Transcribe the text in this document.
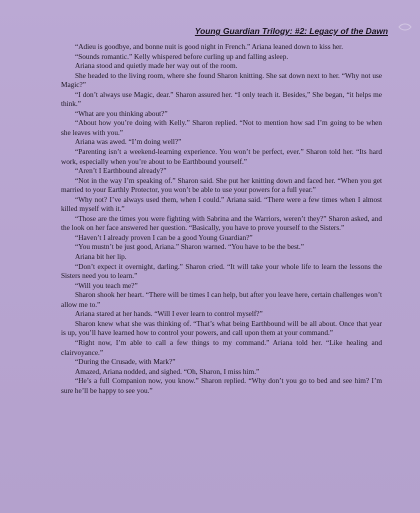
Young Guardian Trilogy: #2: Legacy of the Dawn

“Adieu is goodbye, and bonne nuit is good night in French.” Ariana leaned down to kiss her.

“Sounds romantic.” Kelly whispered before curling up and falling asleep.

Ariana stood and quietly made her way out of the room.

She headed to the living room, where she found Sharon knitting. She sat down next to her. “Why not use Magic?”

“I don’t always use Magic, dear.” Sharon assured her. “I only teach it. Besides,” She began, “it helps me think.”

“What are you thinking about?”

“About how you’re doing with Kelly.” Sharon replied. “Not to mention how sad I’m going to be when she leaves with you.”

Ariana was awed. “I’m doing well?”

“Parenting isn’t a weekend-learning experience. You won’t be perfect, ever.” Sharon told her. “Its hard work, especially when you’re about to be Earthbound yourself.”

“Aren’t I Earthbound already?”

“Not in the way I’m speaking of.” Sharon said. She put her knitting down and faced her. “When you get married to your Earthly Protector, you won’t be able to use your powers for a full year.”

“Why not? I’ve always used them, when I could.” Ariana said. “There were a few times when I almost killed myself with it.”

“Those are the times you were fighting with Sabrina and the Warriors, weren’t they?” Sharon asked, and the look on her face answered her question. “Basically, you have to prove yourself to the Sisters.”

“Haven’t I already proven I can be a good Young Guardian?”

“You mustn’t be just good, Ariana.” Sharon warned. “You have to be the best.”

Ariana bit her lip.

“Don’t expect it overnight, darling.” Sharon cried. “It will take your whole life to learn the lessons the Sisters need you to learn.”

“Will you teach me?”

Sharon shook her heart. “There will be times I can help, but after you leave here, certain challenges won’t allow me to.”

Ariana stared at her hands. “Will I ever learn to control myself?”

Sharon knew what she was thinking of. “That’s what being Earthbound will be all about. Once that year is up, you’ll have learned how to control your powers, and call upon them at your command.”

“Right now, I’m able to call a few things to my command.” Ariana told her. “Like healing and clairvoyance.”

“During the Crusade, with Mark?”

Amazed, Ariana nodded, and sighed. “Oh, Sharon, I miss him.”

“He’s a full Companion now, you know.” Sharon replied. “Why don’t you go to bed and see him? I’m sure he’ll be happy to see you.”
